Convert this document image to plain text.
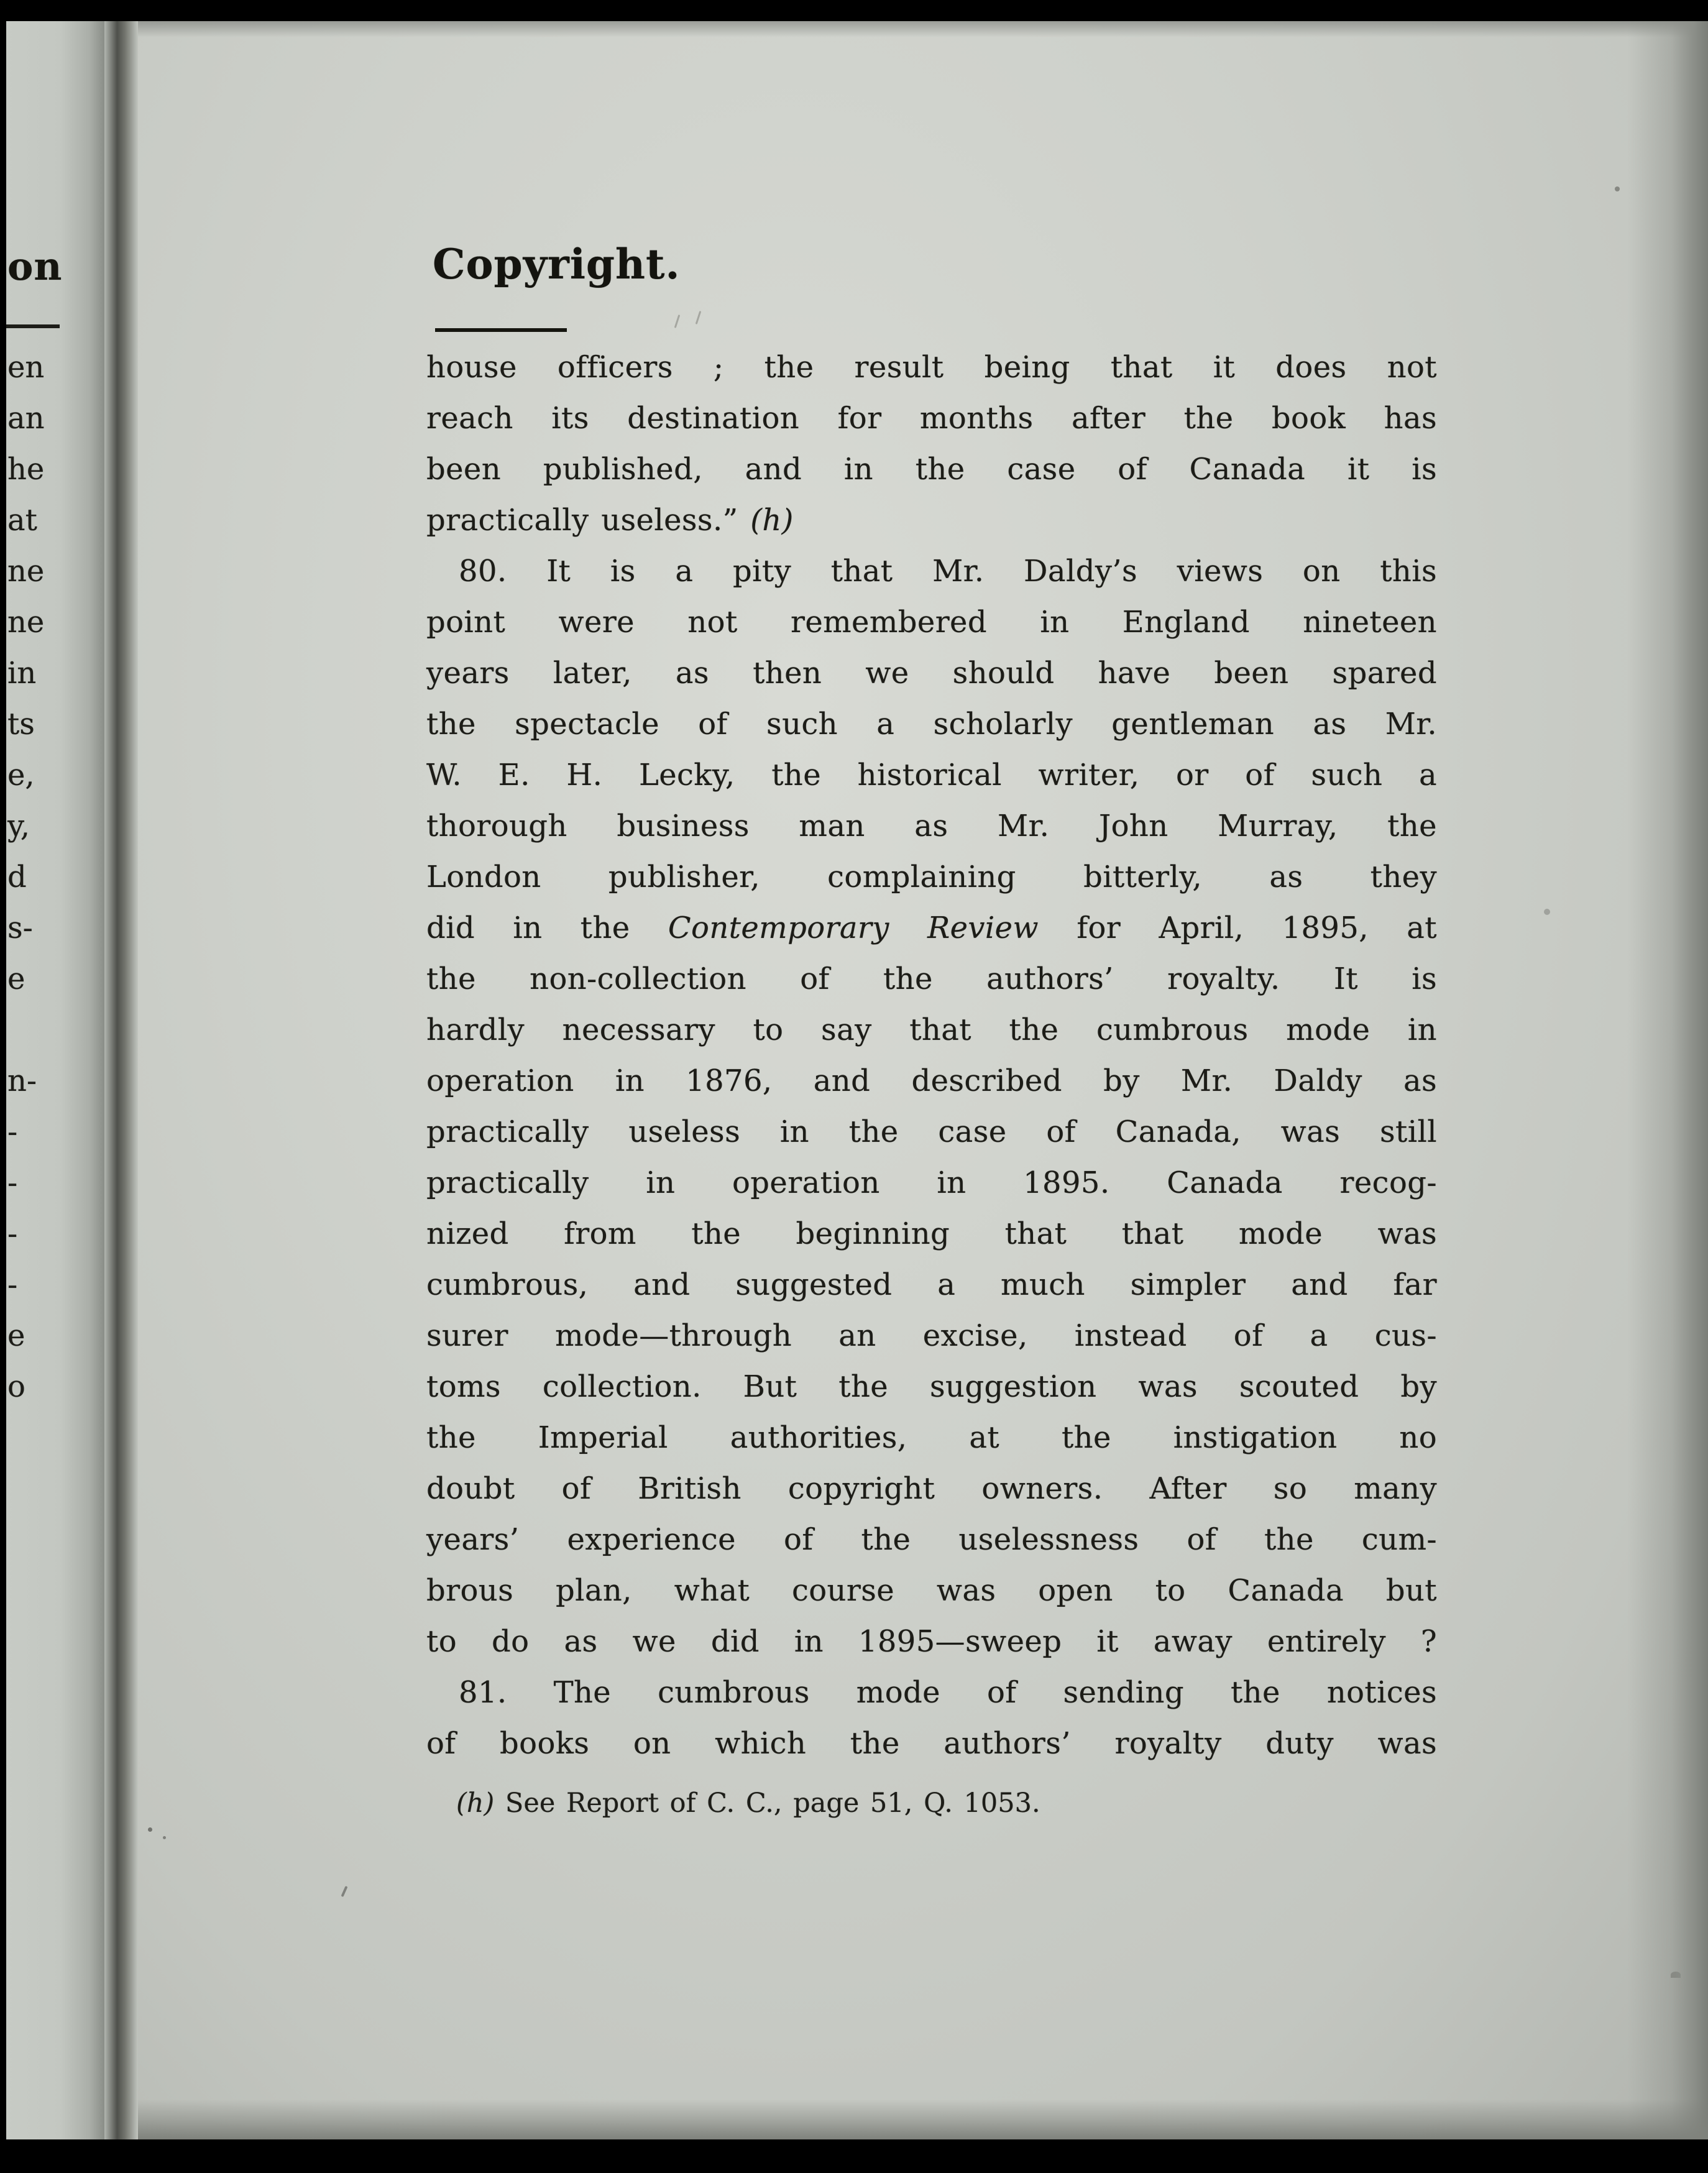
on
en
an
he
at
ne
ne
in
ts
e,
y,
d
s-
e
n-
-
-
-
-
e
o
Copyright.
house officers ; the result being that it does not
reach its destination for months after the book has
been published, and in the case of Canada it is
practically useless.” (h)
80. It is a pity that Mr. Daldy’s views on this
point were not remembered in England nineteen
years later, as then we should have been spared
the spectacle of such a scholarly gentleman as Mr.
W. E. H. Lecky, the historical writer, or of such a
thorough business man as Mr. John Murray, the
London publisher, complaining bitterly, as they
did in the Contemporary Review for April, 1895, at
the non-collection of the authors’ royalty. It is
hardly necessary to say that the cumbrous mode in
operation in 1876, and described by Mr. Daldy as
practically useless in the case of Canada, was still
practically in operation in 1895. Canada recog-
nized from the beginning that that mode was
cumbrous, and suggested a much simpler and far
surer mode—through an excise, instead of a cus-
toms collection. But the suggestion was scouted by
the Imperial authorities, at the instigation no
doubt of British copyright owners. After so many
years’ experience of the uselessness of the cum-
brous plan, what course was open to Canada but
to do as we did in 1895—sweep it away entirely ?
81. The cumbrous mode of sending the notices
of books on which the authors’ royalty duty was
(h) See Report of C. C., page 51, Q. 1053.
